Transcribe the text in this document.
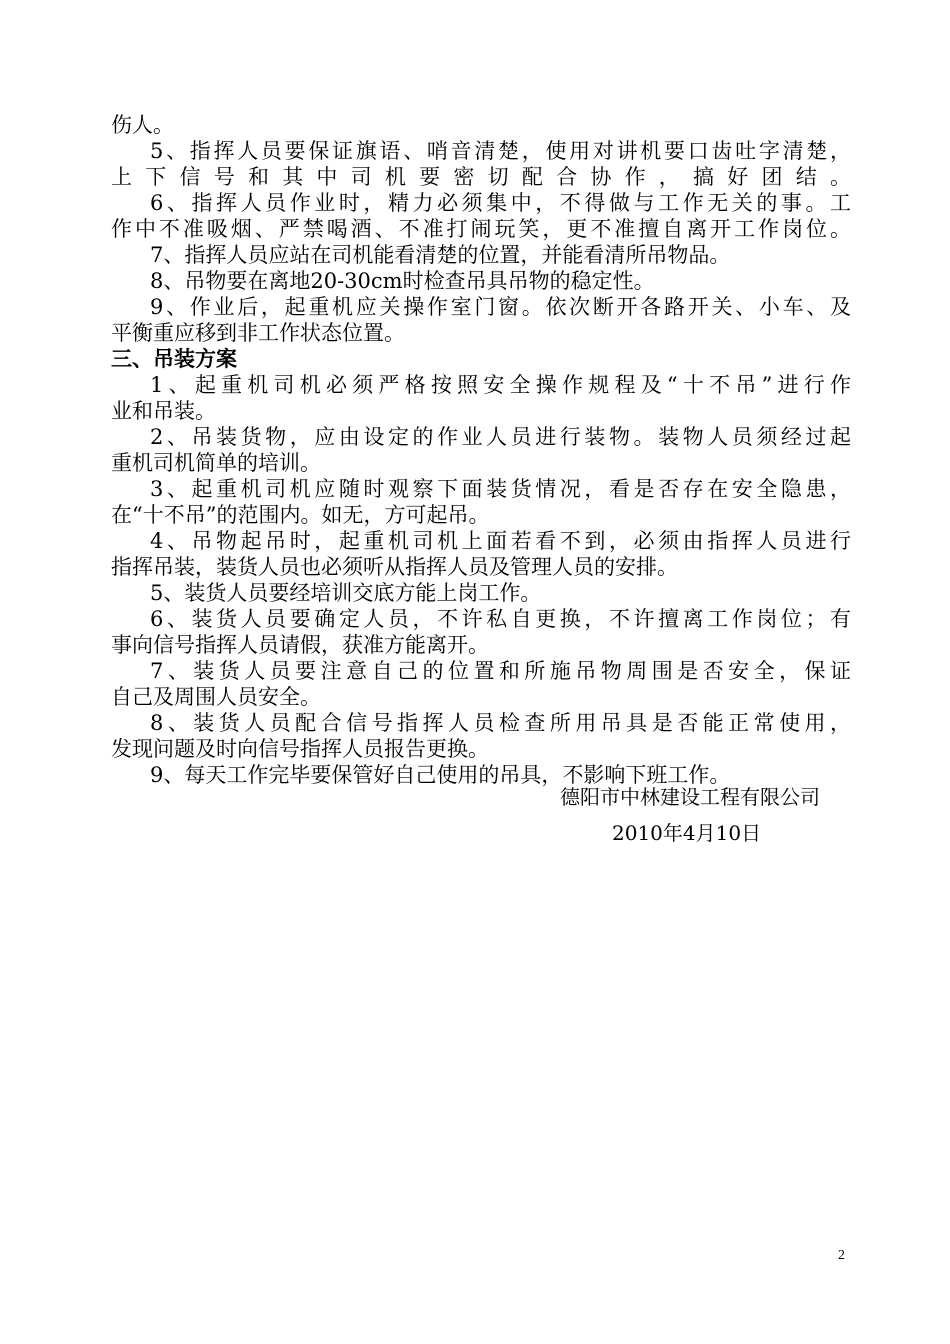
伤人。
5、指挥人员要保证旗语、哨音清楚，使用对讲机要口齿吐字清楚，
上下信号和其中司机要密切配合协作，搞好团结。
6、指挥人员作业时，精力必须集中，不得做与工作无关的事。工
作中不准吸烟、严禁喝酒、不准打闹玩笑，更不准擅自离开工作岗位。
7、指挥人员应站在司机能看清楚的位置，并能看清所吊物品。
8、吊物要在离地20-30cm时检查吊具吊物的稳定性。
9、作业后，起重机应关操作室门窗。依次断开各路开关、小车、及
平衡重应移到非工作状态位置。
三、吊装方案
1、起重机司机必须严格按照安全操作规程及“十不吊”进行作
业和吊装。
2、吊装货物，应由设定的作业人员进行装物。装物人员须经过起
重机司机简单的培训。
3、起重机司机应随时观察下面装货情况，看是否存在安全隐患，
在“十不吊”的范围内。如无，方可起吊。
4、吊物起吊时，起重机司机上面若看不到，必须由指挥人员进行
指挥吊装，装货人员也必须听从指挥人员及管理人员的安排。
5、装货人员要经培训交底方能上岗工作。
6、装货人员要确定人员，不许私自更换，不许擅离工作岗位；有
事向信号指挥人员请假，获准方能离开。
7、装货人员要注意自己的位置和所施吊物周围是否安全，保证
自己及周围人员安全。
8、装货人员配合信号指挥人员检查所用吊具是否能正常使用，
发现问题及时向信号指挥人员报告更换。
9、每天工作完毕要保管好自己使用的吊具，不影响下班工作。
德阳市中林建设工程有限公司
2010年4月10日
2
